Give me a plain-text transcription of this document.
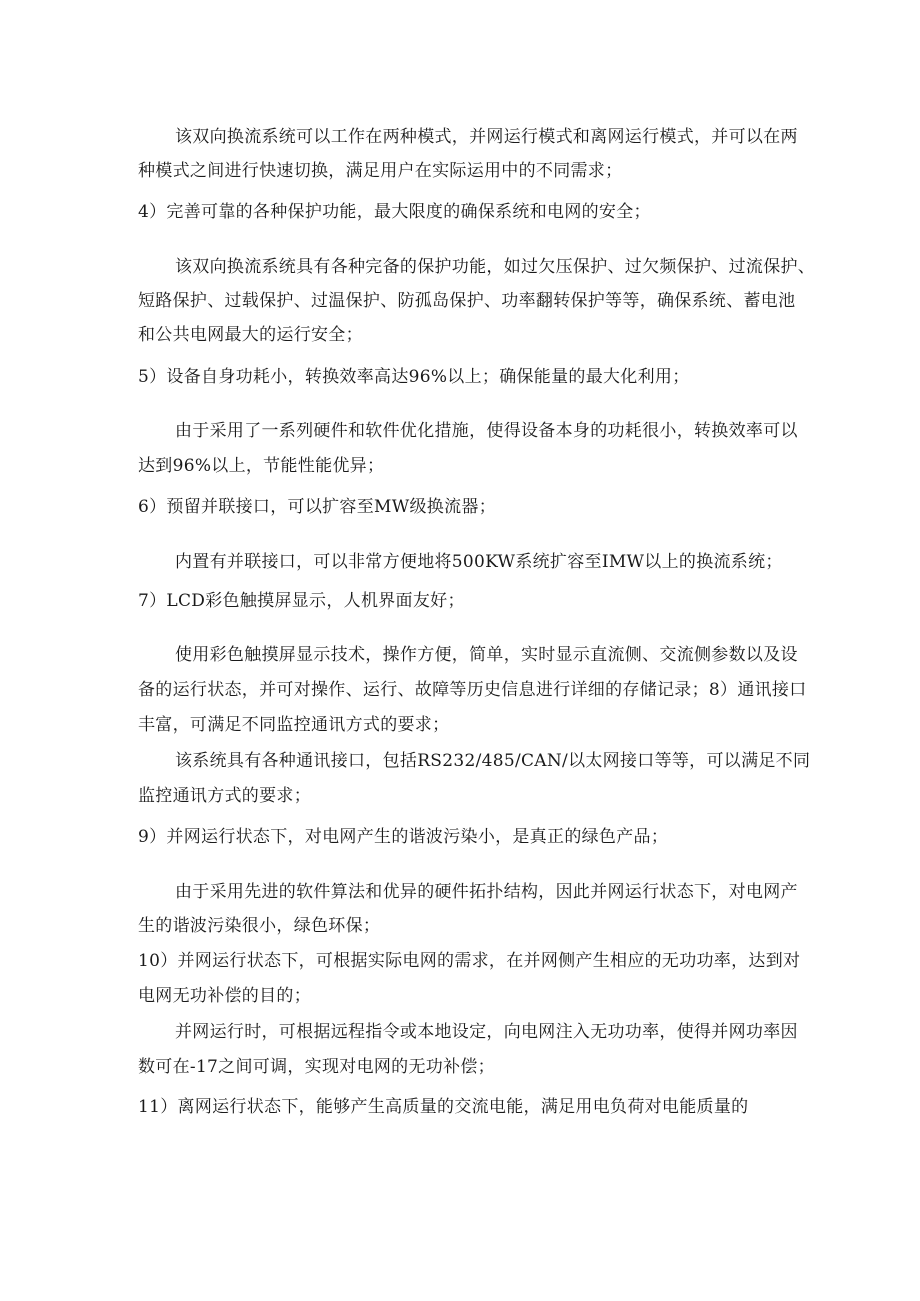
该双向换流系统可以工作在两种模式，并网运行模式和离网运行模式，并可以在两
种模式之间进行快速切换，满足用户在实际运用中的不同需求；
4）完善可靠的各种保护功能，最大限度的确保系统和电网的安全；
该双向换流系统具有各种完备的保护功能，如过欠压保护、过欠频保护、过流保护、
短路保护、过载保护、过温保护、防孤岛保护、功率翻转保护等等，确保系统、蓄电池
和公共电网最大的运行安全；
5）设备自身功耗小，转换效率高达96%以上；确保能量的最大化利用；
由于采用了一系列硬件和软件优化措施，使得设备本身的功耗很小，转换效率可以
达到96%以上，节能性能优异；
6）预留并联接口，可以扩容至MW级换流器；
内置有并联接口，可以非常方便地将500KW系统扩容至IMW以上的换流系统；
7）LCD彩色触摸屏显示，人机界面友好；
使用彩色触摸屏显示技术，操作方便，简单，实时显示直流侧、交流侧参数以及设
备的运行状态，并可对操作、运行、故障等历史信息进行详细的存储记录；8）通讯接口
丰富，可满足不同监控通讯方式的要求；
该系统具有各种通讯接口，包括RS232/485/CAN/以太网接口等等，可以满足不同
监控通讯方式的要求；
9）并网运行状态下，对电网产生的谐波污染小，是真正的绿色产品；
由于采用先进的软件算法和优异的硬件拓扑结构，因此并网运行状态下，对电网产
生的谐波污染很小，绿色环保；
10）并网运行状态下，可根据实际电网的需求，在并网侧产生相应的无功功率，达到对
电网无功补偿的目的；
并网运行时，可根据远程指令或本地设定，向电网注入无功功率，使得并网功率因
数可在-17之间可调，实现对电网的无功补偿；
11）离网运行状态下，能够产生高质量的交流电能，满足用电负荷对电能质量的
